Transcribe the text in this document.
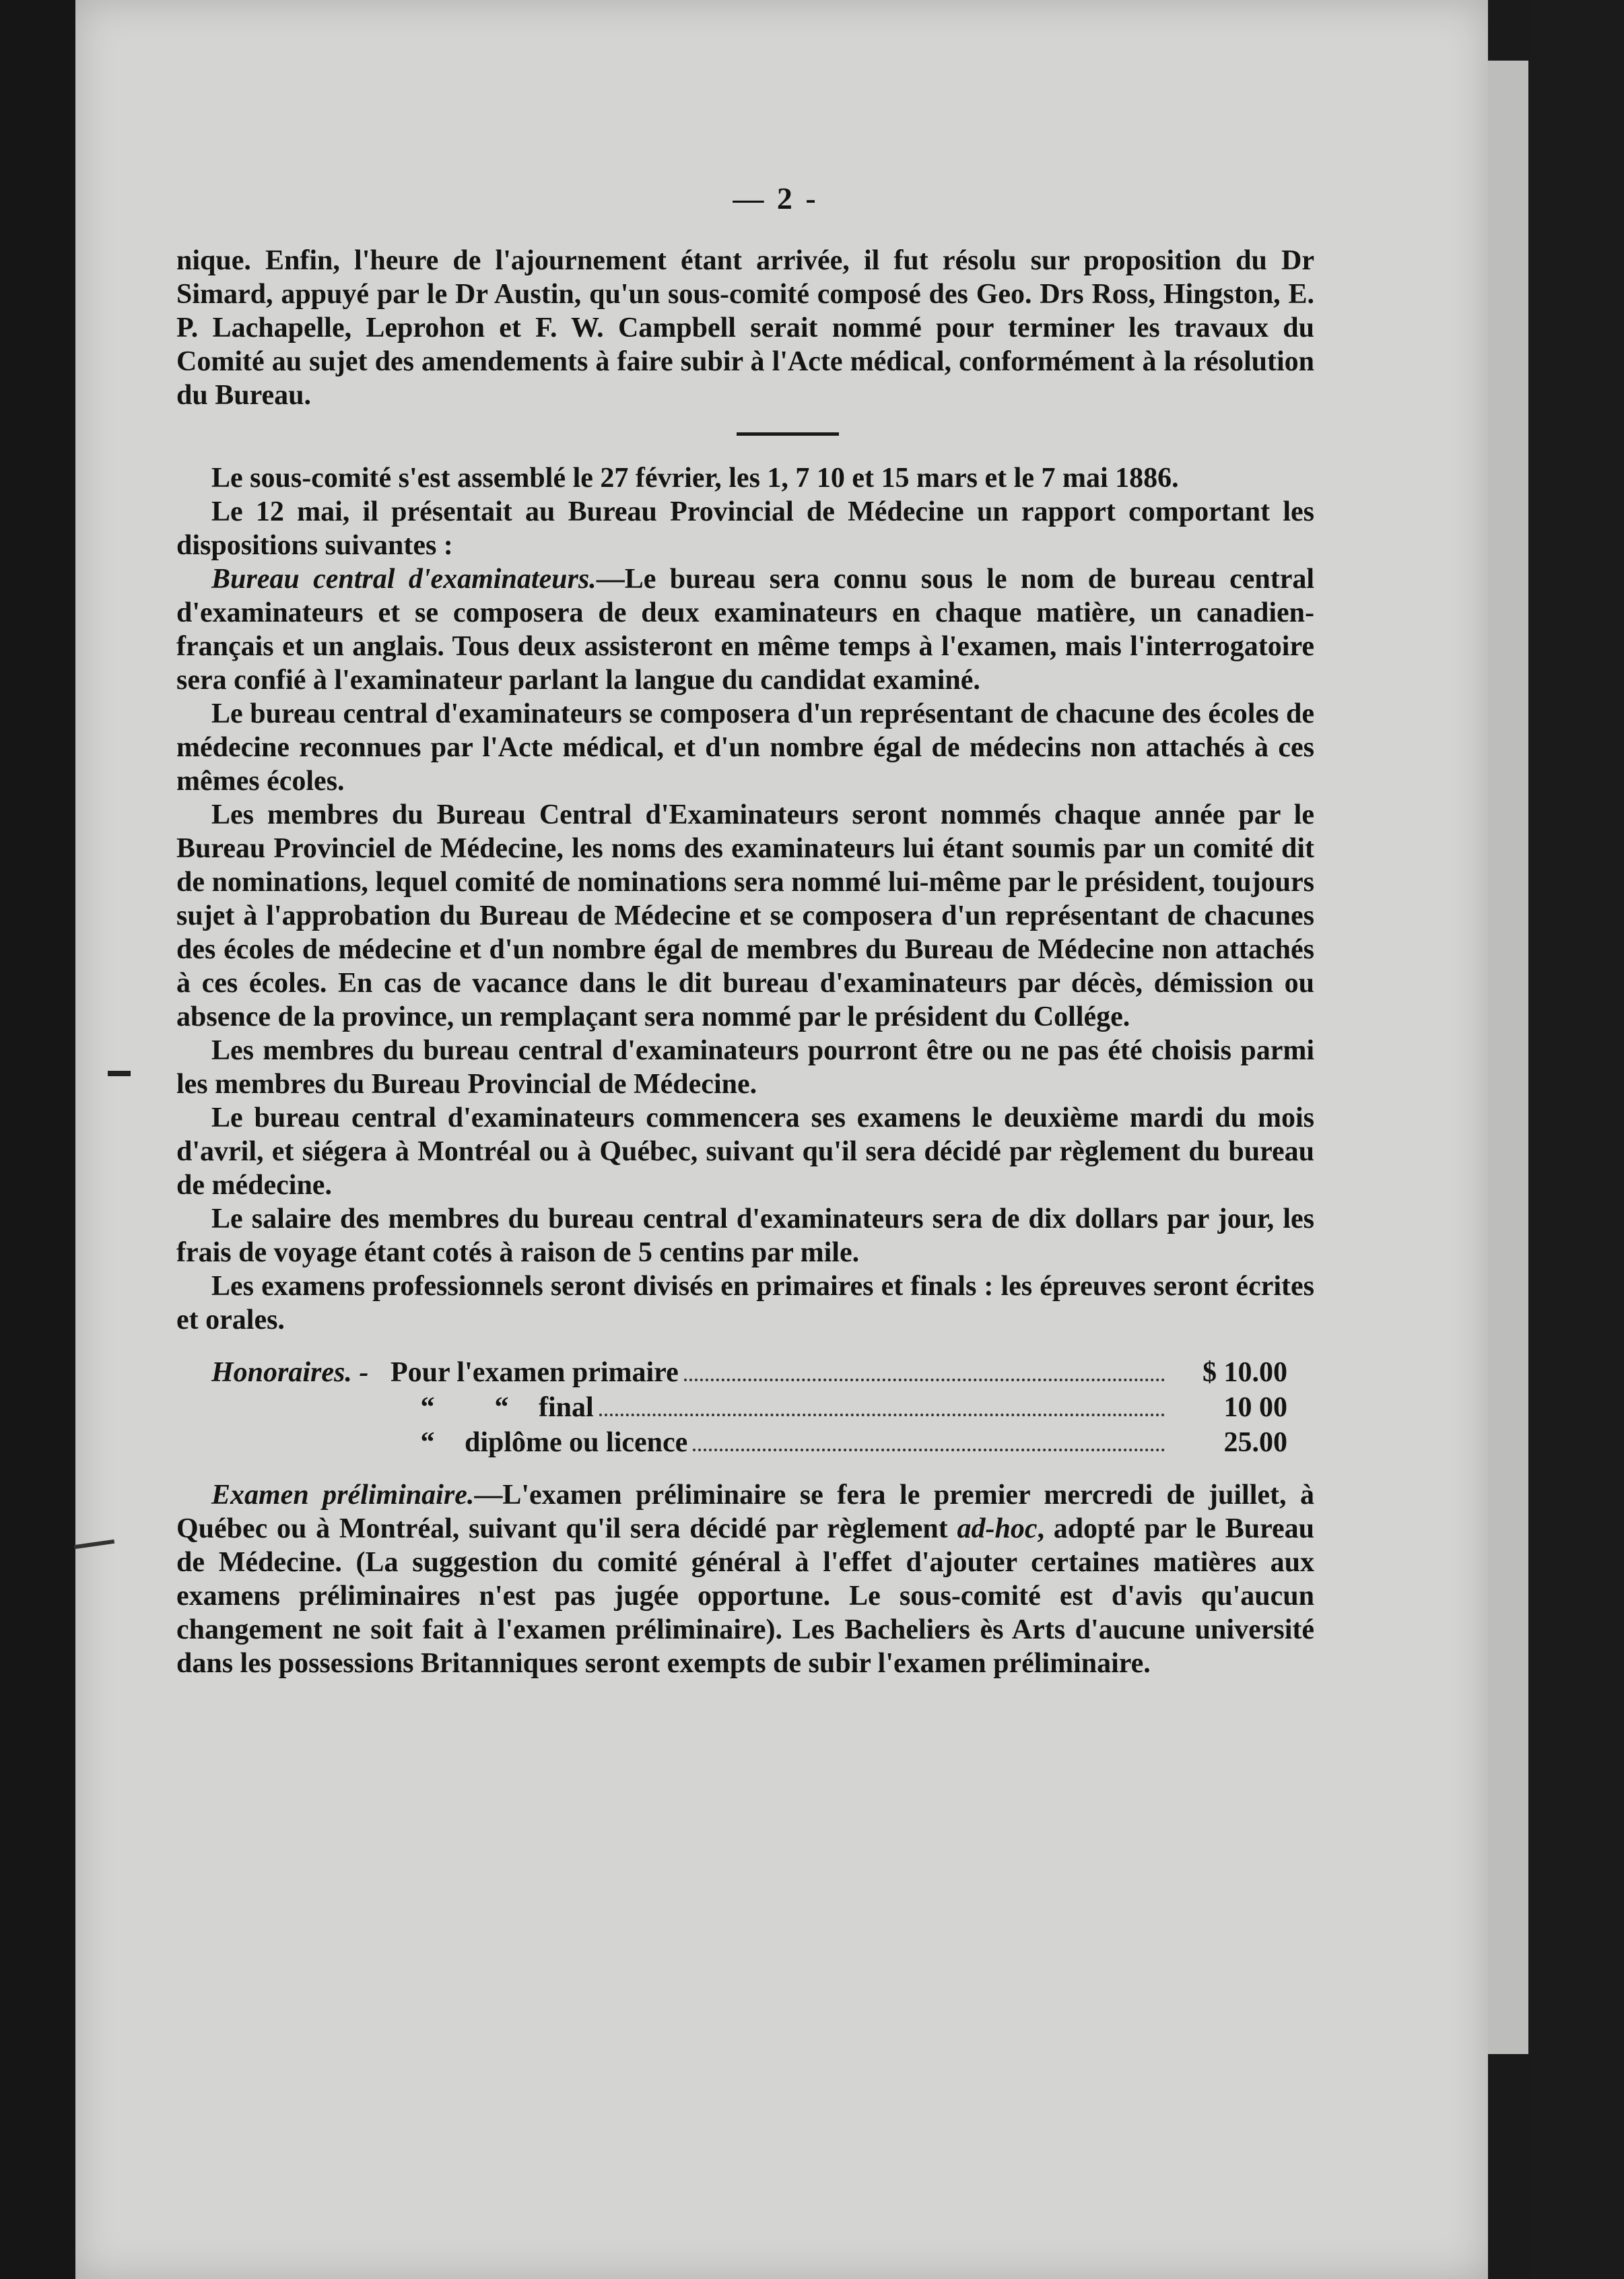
— 2 -

nique. Enfin, l'heure de l'ajournement étant arrivée, il fut résolu sur proposition du Dr Simard, appuyé par le Dr Austin, qu'un sous-comité composé des Geo. Drs Ross, Hingston, E. P. Lachapelle, Leprohon et F. W. Campbell serait nommé pour terminer les travaux du Comité au sujet des amendements à faire subir à l'Acte médical, conformément à la résolution du Bureau.

Le sous-comité s'est assemblé le 27 février, les 1, 7 10 et 15 mars et le 7 mai 1886.

Le 12 mai, il présentait au Bureau Provincial de Médecine un rapport comportant les dispositions suivantes :

Bureau central d'examinateurs.—Le bureau sera connu sous le nom de bureau central d'examinateurs et se composera de deux examinateurs en chaque matière, un canadien-français et un anglais. Tous deux assisteront en même temps à l'examen, mais l'interrogatoire sera confié à l'examinateur parlant la langue du candidat examiné.

Le bureau central d'examinateurs se composera d'un représentant de chacune des écoles de médecine reconnues par l'Acte médical, et d'un nombre égal de médecins non attachés à ces mêmes écoles.

Les membres du Bureau Central d'Examinateurs seront nommés chaque année par le Bureau Provinciel de Médecine, les noms des examinateurs lui étant soumis par un comité dit de nominations, lequel comité de nominations sera nommé lui-même par le président, toujours sujet à l'approbation du Bureau de Médecine et se composera d'un représentant de chacunes des écoles de médecine et d'un nombre égal de membres du Bureau de Médecine non attachés à ces écoles. En cas de vacance dans le dit bureau d'examinateurs par décès, démission ou absence de la province, un remplaçant sera nommé par le président du Collége.

Les membres du bureau central d'examinateurs pourront être ou ne pas été choisis parmi les membres du Bureau Provincial de Médecine.

Le bureau central d'examinateurs commencera ses examens le deuxième mardi du mois d'avril, et siégera à Montréal ou à Québec, suivant qu'il sera décidé par règlement du bureau de médecine.

Le salaire des membres du bureau central d'examinateurs sera de dix dollars par jour, les frais de voyage étant cotés à raison de 5 centins par mile.

Les examens professionnels seront divisés en primaires et finals : les épreuves seront écrites et orales.

Honoraires. - Pour l'examen primaire	$ 10.00
“	“	final	10 00
“	diplôme ou licence	25.00

Examen préliminaire.—L'examen préliminaire se fera le premier mercredi de juillet, à Québec ou à Montréal, suivant qu'il sera décidé par règlement ad-hoc, adopté par le Bureau de Médecine. (La suggestion du comité général à l'effet d'ajouter certaines matières aux examens préliminaires n'est pas jugée opportune. Le sous-comité est d'avis qu'aucun changement ne soit fait à l'examen préliminaire). Les Bacheliers ès Arts d'aucune université dans les possessions Britanniques seront exempts de subir l'examen préliminaire.
